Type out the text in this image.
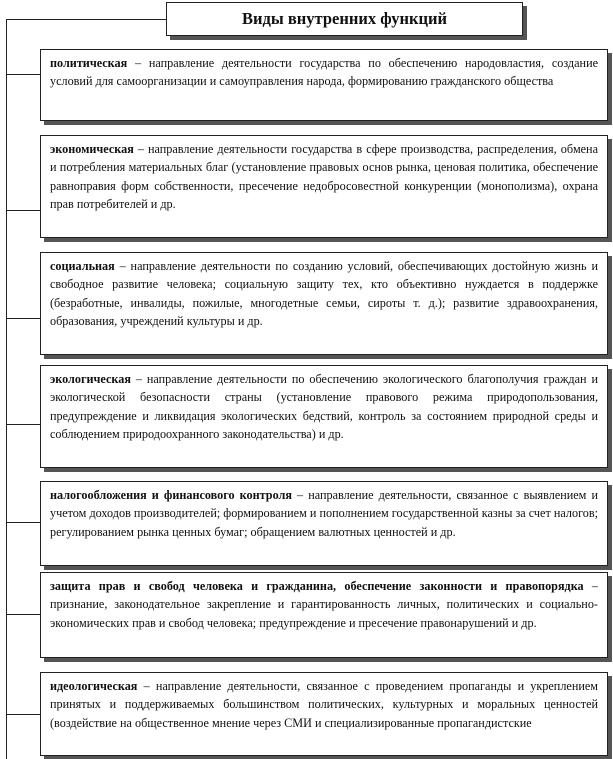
Виды внутренних функций
политическая – направление деятельности государства по обеспечению народовластия, создание условий для самоорганизации и самоуправления народа, формированию гражданского общества
экономическая – направление деятельности государства в сфере производства, распределения, обмена и потребления материальных благ (установление правовых основ рынка, ценовая политика, обеспечение равноправия форм собственности, пресечение недобросовестной конкуренции (монополизма), охрана прав потребителей и др.
социальная – направление деятельности по созданию условий, обеспечивающих достойную жизнь и свободное развитие человека; социальную защиту тех, кто объективно нуждается в поддержке (безработные, инвалиды, пожилые, многодетные семьи, сироты т. д.); развитие здравоохранения, образования, учреждений культуры и др.
экологическая – направление деятельности по обеспечению экологического благополучия граждан и экологической безопасности страны (установление правового режима природопользования, предупреждение и ликвидация экологических бедствий, контроль за состоянием природной среды и соблюдением природоохранного законодательства) и др.
налогообложения и финансового контроля – направление деятельности, связанное с выявлением и учетом доходов производителей; формированием и пополнением государственной казны за счет налогов; регулированием рынка ценных бумаг; обращением валютных ценностей и др.
защита прав и свобод человека и гражданина, обеспечение законности и правопорядка – признание, законодательное закрепление и гарантированность личных, политических и социально-экономических прав и свобод человека; предупреждение и пресечение правонарушений и др.
идеологическая – направление деятельности, связанное с проведением пропаганды и укреплением принятых и поддерживаемых большинством политических, культурных и моральных ценностей (воздействие на общественное мнение через СМИ и специализированные пропагандистские
